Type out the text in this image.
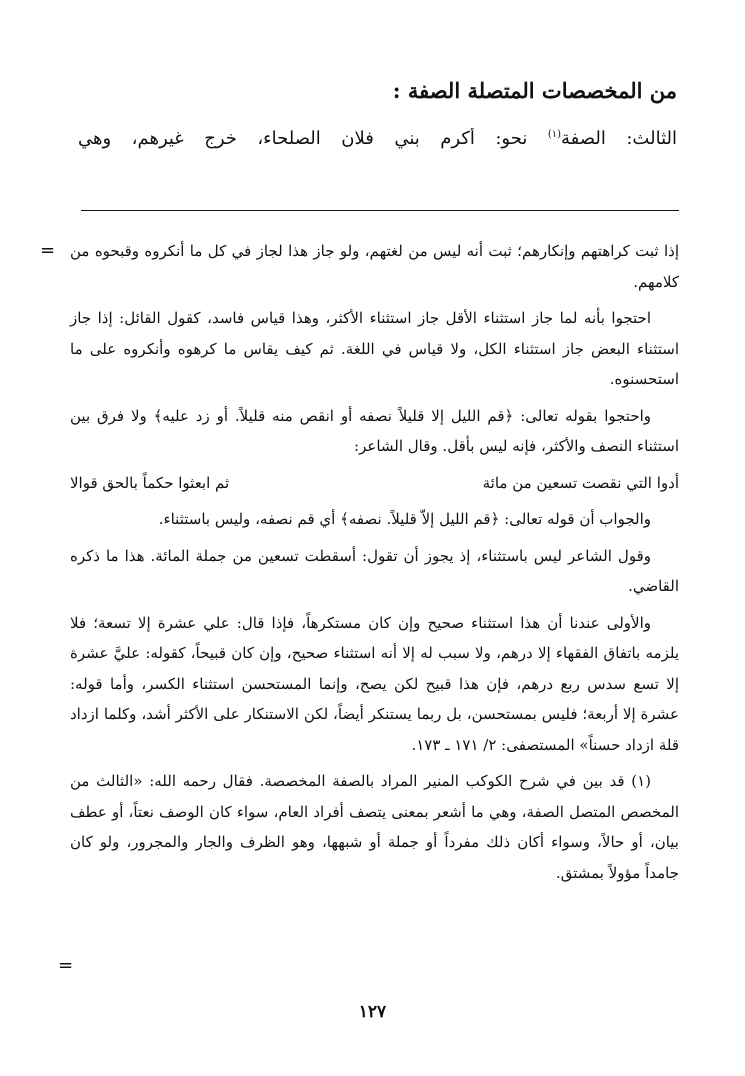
من المخصصات المتصلة الصفة :
الثالث: الصفة$^{(١)}$ نحو: أكرم بني فلان الصلحاء، خرج غيرهم، وهي
= إذا ثبت كراهتهم وإنكارهم؛ ثبت أنه ليس من لغتهم، ولو جاز هذا لجاز في كل ما أنكروه وقبحوه من كلامهم.

احتجوا بأنه لما جاز استثناء الأقل جاز استثناء الأكثر، وهذا قياس فاسد، كقول القائل: إذا جاز استثناء البعض جاز استثناء الكل، ولا قياس في اللغة. ثم كيف يقاس ما كرهوه وأنكروه على ما استحسنوه.

واحتجوا بقوله تعالى: ﴿قم الليل إلا قليلاً نصفه أو انقص منه قليلاً. أو زد عليه﴾ ولا فرق بين استثناء النصف والأكثر، فإنه ليس بأقل. وقال الشاعر:

أدوا التي نقصت تسعين من مائة
ثم ابعثوا حكماً بالحق قوالا

والجواب أن قوله تعالى: ﴿قم الليل إلاّ قليلاً. نصفه﴾ أي قم نصفه، وليس باستثناء.

وقول الشاعر ليس باستثناء، إذ يجوز أن تقول: أسقطت تسعين من جملة المائة. هذا ما ذكره القاضي.

والأولى عندنا أن هذا استثناء صحيح وإن كان مستكرهاً، فإذا قال: علي عشرة إلا تسعة؛ فلا يلزمه باتفاق الفقهاء إلا درهم، ولا سبب له إلا أنه استثناء صحيح، وإن كان قبيحاً، كقوله: عليَّ عشرة إلا تسع سدس ربع درهم، فإن هذا قبيح لكن يصح، وإنما المستحسن استثناء الكسر، وأما قوله: عشرة إلا أربعة؛ فليس بمستحسن، بل ربما يستنكر أيضاً، لكن الاستنكار على الأكثر أشد، وكلما ازداد قلة ازداد حسناً» المستصفى: ٢/ ١٧١ ـ ١٧٣.

(١) قد بين في شرح الكوكب المنير المراد بالصفة المخصصة. فقال رحمه الله: «الثالث من المخصص المتصل الصفة، وهي ما أشعر بمعنى يتصف أفراد العام، سواء كان الوصف نعتاً، أو عطف بيان، أو حالاً، وسواء أكان ذلك مفرداً أو جملة أو شبهها، وهو الظرف والجار والمجرور، ولو كان جامداً مؤولاً بمشتق.

=
١٢٧
